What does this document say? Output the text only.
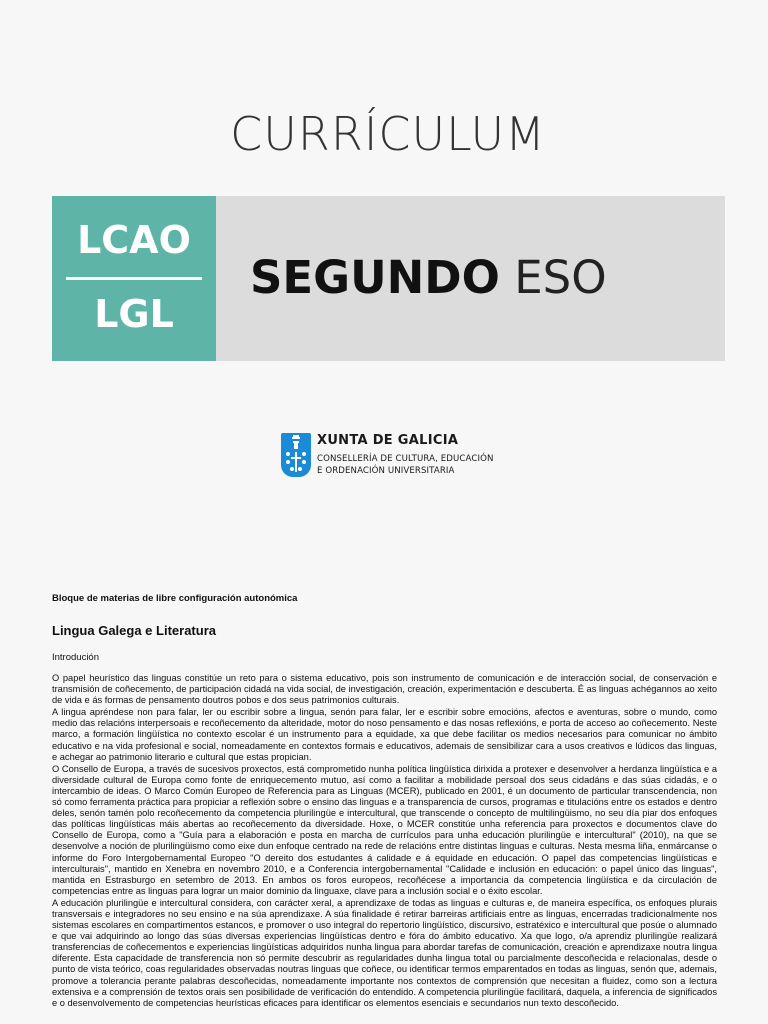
CURRÍCULUM
LCAO
LGL
SEGUNDO ESO
XUNTA DE GALICIA
CONSELLERÍA DE CULTURA, EDUCACIÓN
E ORDENACIÓN UNIVERSITARIA
Bloque de materias de libre configuración autonómica
Lingua Galega e Literatura
Introdución

O papel heurístico das linguas constitúe un reto para o sistema educativo, pois son instrumento de comunicación e de interacción social, de conservación e transmisión de coñecemento, de participación cidadá na vida social, de investigación, creación, experimentación e descuberta. É as linguas achégannos ao xeito de vida e ás formas de pensamento doutros pobos e dos seus patrimonios culturais.

A lingua apréndese non para falar, ler ou escribir sobre a lingua, senón para falar, ler e escribir sobre emocións, afectos e aventuras, sobre o mundo, como medio das relacións interpersoais e recoñecemento da alteridade, motor do noso pensamento e das nosas reflexións, e porta de acceso ao coñecemento. Neste marco, a formación lingüística no contexto escolar é un instrumento para a equidade, xa que debe facilitar os medios necesarios para comunicar no ámbito educativo e na vida profesional e social, nomeadamente en contextos formais e educativos, ademais de sensibilizar cara a usos creativos e lúdicos das linguas, e achegar ao patrimonio literario e cultural que estas propician.

O Consello de Europa, a través de sucesivos proxectos, está comprometido nunha política lingüística dirixida a protexer e desenvolver a herdanza lingüística e a diversidade cultural de Europa como fonte de enriquecemento mutuo, así como a facilitar a mobilidade persoal dos seus cidadáns e das súas cidadás, e o intercambio de ideas. O Marco Común Europeo de Referencia para as Linguas (MCER), publicado en 2001, é un documento de particular transcendencia, non só como ferramenta práctica para propiciar a reflexión sobre o ensino das linguas e a transparencia de cursos, programas e titulacións entre os estados e dentro deles, senón tamén polo recoñecemento da competencia plurilingüe e intercultural, que transcende o concepto de multilingüismo, no seu día piar dos enfoques das políticas lingüísticas máis abertas ao recoñecemento da diversidade. Hoxe, o MCER constitúe unha referencia para proxectos e documentos clave do Consello de Europa, como a "Guía para a elaboración e posta en marcha de currículos para unha educación plurilingüe e intercultural" (2010), na que se desenvolve a noción de plurilingüismo como eixe dun enfoque centrado na rede de relacións entre distintas linguas e culturas. Nesta mesma liña, enmárcanse o informe do Foro Intergobernamental Europeo "O dereito dos estudantes á calidade e á equidade en educación. O papel das competencias lingüísticas e interculturais", mantido en Xenebra en novembro 2010, e a Conferencia intergobernamental "Calidade e inclusión en educación: o papel único das linguas", mantida en Estrasburgo en setembro de 2013. En ambos os foros europeos, recoñécese a importancia da competencia lingüística e da circulación de competencias entre as linguas para lograr un maior dominio da linguaxe, clave para a inclusión social e o éxito escolar.

A educación plurilingüe e intercultural considera, con carácter xeral, a aprendizaxe de todas as linguas e culturas e, de maneira específica, os enfoques plurais transversais e integradores no seu ensino e na súa aprendizaxe. A súa finalidade é retirar barreiras artificiais entre as linguas, encerradas tradicionalmente nos sistemas escolares en compartimentos estancos, e promover o uso integral do repertorio lingüístico, discursivo, estratéxico e intercultural que posúe o alumnado e que vai adquirindo ao longo das súas diversas experiencias lingüísticas dentro e fóra do ámbito educativo. Xa que logo, o/a aprendiz plurilingüe realizará transferencias de coñecementos e experiencias lingüísticas adquiridos nunha lingua para abordar tarefas de comunicación, creación e aprendizaxe noutra lingua diferente. Esta capacidade de transferencia non só permite descubrir as regularidades dunha lingua total ou parcialmente descoñecida e relacionalas, desde o punto de vista teórico, coas regularidades observadas noutras linguas que coñece, ou identificar termos emparentados en todas as linguas, senón que, ademais, promove a tolerancia perante palabras descoñecidas, nomeadamente importante nos contextos de comprensión que necesitan a fluidez, como son a lectura extensiva e a comprensión de textos orais sen posibilidade de verificación do entendido. A competencia plurilingüe facilitará, daquela, a inferencia de significados e o desenvolvemento de competencias heurísticas eficaces para identificar os elementos esenciais e secundarios nun texto descoñecido.
